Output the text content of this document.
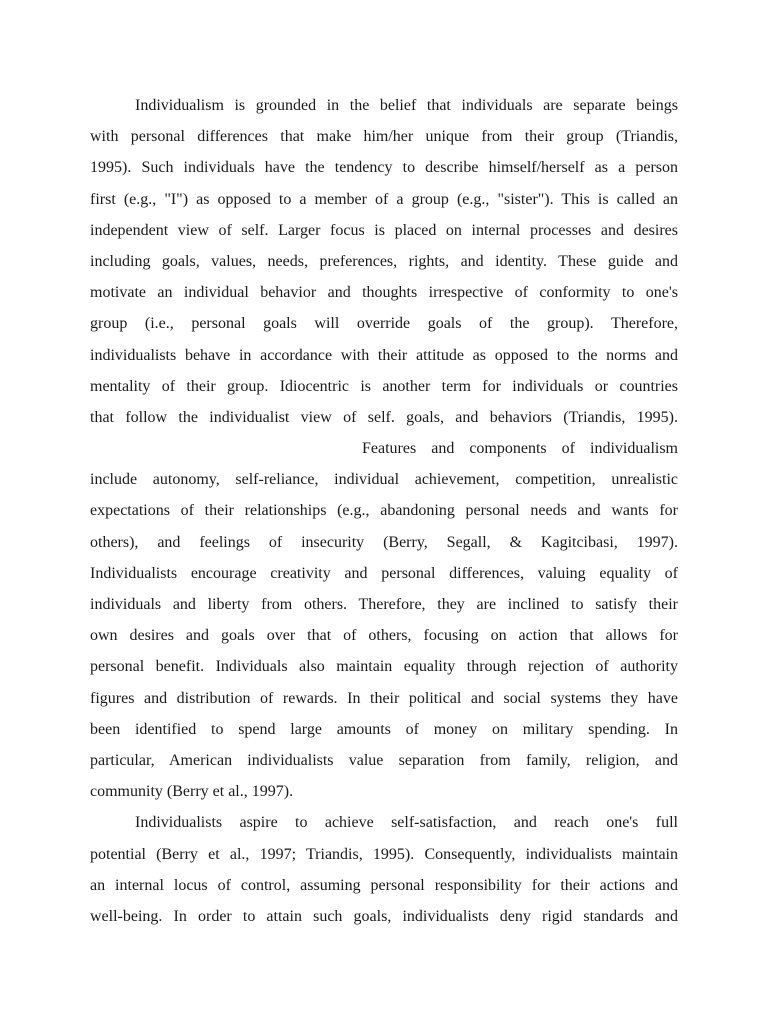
Individualism is grounded in the belief that individuals are separate beings
with personal differences that make him/her unique from their group (Triandis,
1995). Such individuals have the tendency to describe himself/herself as a person
first (e.g., "I") as opposed to a member of a group (e.g., "sister"). This is called an
independent view of self. Larger focus is placed on internal processes and desires
including goals, values, needs, preferences, rights, and identity. These guide and
motivate an individual behavior and thoughts irrespective of conformity to one's
group (i.e., personal goals will override goals of the group). Therefore,
individualists behave in accordance with their attitude as opposed to the norms and
mentality of their group. Idiocentric is another term for individuals or countries
that follow the individualist view of self. goals, and behaviors (Triandis, 1995).
Features and components of individualism
include autonomy, self-reliance, individual achievement, competition, unrealistic
expectations of their relationships (e.g., abandoning personal needs and wants for
others), and feelings of insecurity (Berry, Segall, & Kagitcibasi, 1997).
Individualists encourage creativity and personal differences, valuing equality of
individuals and liberty from others. Therefore, they are inclined to satisfy their
own desires and goals over that of others, focusing on action that allows for
personal benefit. Individuals also maintain equality through rejection of authority
figures and distribution of rewards. In their political and social systems they have
been identified to spend large amounts of money on military spending. In
particular, American individualists value separation from family, religion, and
community (Berry et al., 1997).
Individualists aspire to achieve self-satisfaction, and reach one's full
potential (Berry et al., 1997; Triandis, 1995). Consequently, individualists maintain
an internal locus of control, assuming personal responsibility for their actions and
well-being. In order to attain such goals, individualists deny rigid standards and
